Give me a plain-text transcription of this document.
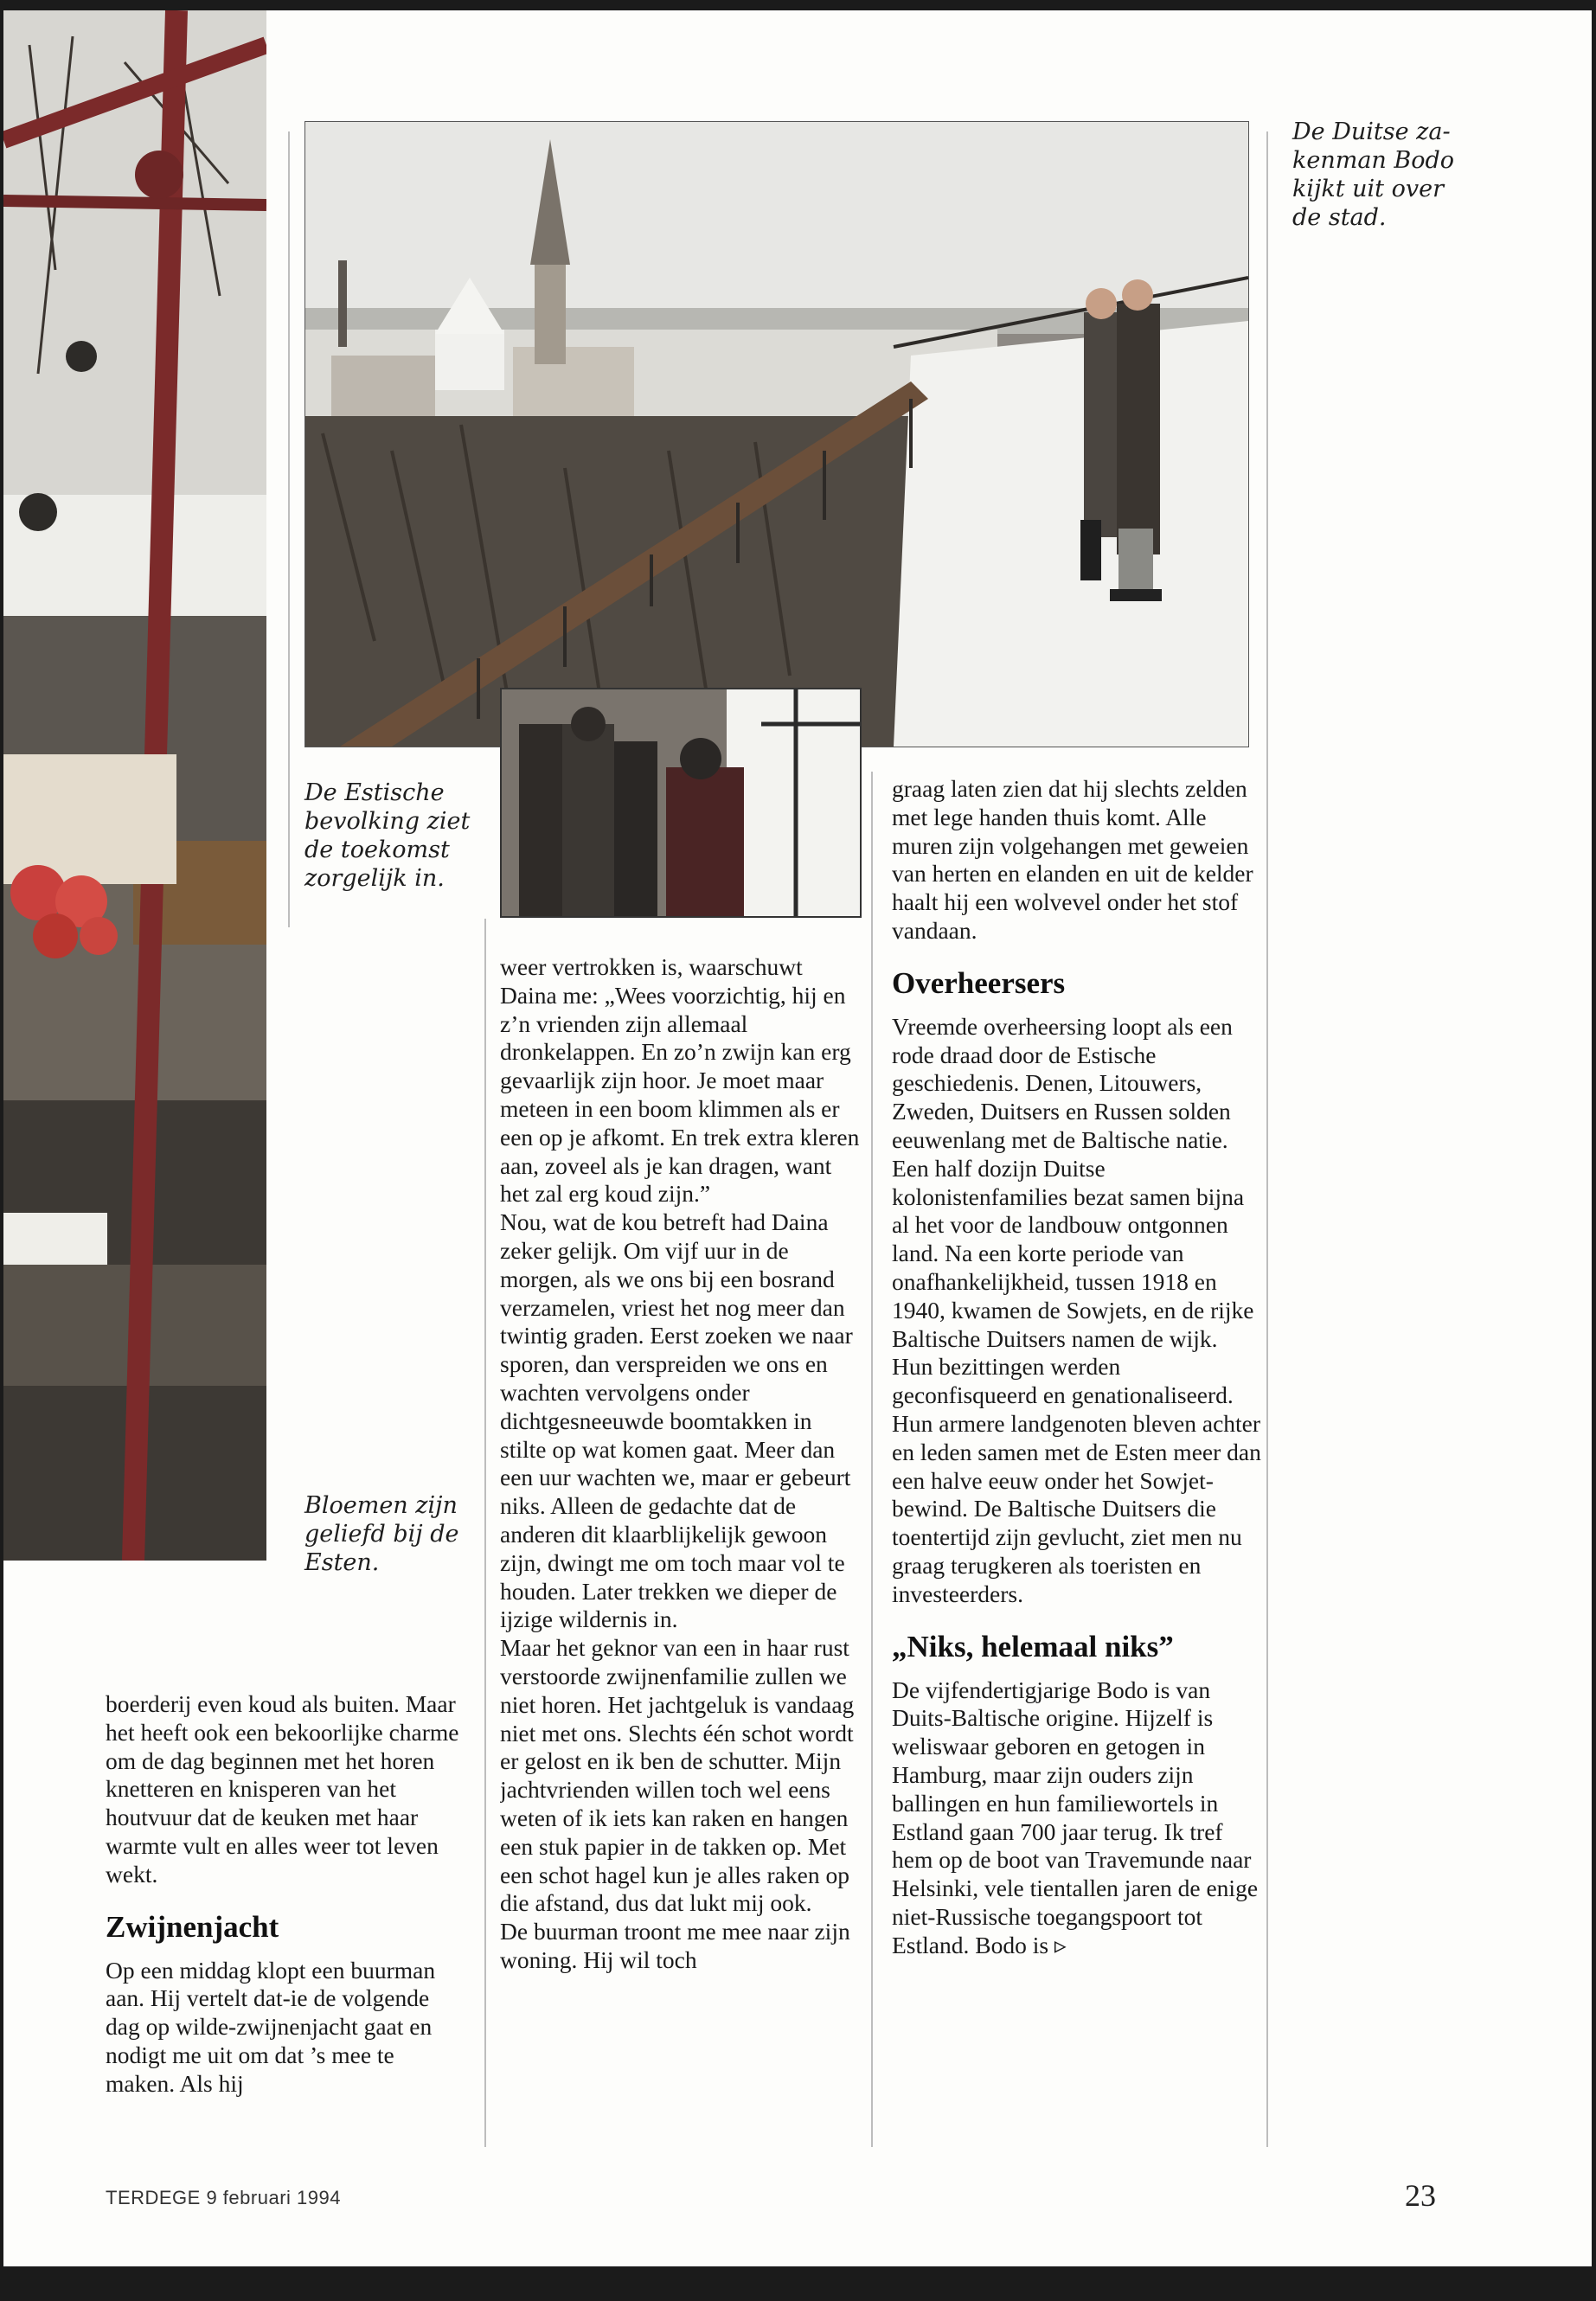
De Duitse za-
kenman Bodo
kijkt uit over
de stad.
De Estische
bevolking ziet
de toekomst
zorgelijk in.
Bloemen zijn
geliefd bij de
Esten.

boerderij even koud als buiten. Maar het heeft ook een bekoorlijke charme om de dag beginnen met het horen knetteren en knisperen van het houtvuur dat de keuken met haar warmte vult en alles weer tot leven wekt.

Zwijnenjacht

Op een middag klopt een buurman aan. Hij vertelt dat-ie de volgende dag op wilde-zwijnenjacht gaat en nodigt me uit om dat ’s mee te maken. Als hij

weer vertrokken is, waarschuwt Daina me: „Wees voorzichtig, hij en z’n vrienden zijn allemaal dronkelappen. En zo’n zwijn kan erg gevaarlijk zijn hoor. Je moet maar meteen in een boom klimmen als er een op je afkomt. En trek extra kleren aan, zoveel als je kan dragen, want het zal erg koud zijn.”

Nou, wat de kou betreft had Daina zeker gelijk. Om vijf uur in de morgen, als we ons bij een bosrand verzamelen, vriest het nog meer dan twintig graden. Eerst zoeken we naar sporen, dan verspreiden we ons en wachten vervolgens onder dichtgesneeuwde boomtakken in stilte op wat komen gaat. Meer dan een uur wachten we, maar er gebeurt niks. Alleen de gedachte dat de anderen dit klaarblijkelijk gewoon zijn, dwingt me om toch maar vol te houden. Later trekken we dieper de ijzige wildernis in.

Maar het geknor van een in haar rust verstoorde zwijnenfamilie zullen we niet horen. Het jachtgeluk is vandaag niet met ons. Slechts één schot wordt er gelost en ik ben de schutter. Mijn jachtvrienden willen toch wel eens weten of ik iets kan raken en hangen een stuk papier in de takken op. Met een schot hagel kun je alles raken op die afstand, dus dat lukt mij ook.

De buurman troont me mee naar zijn woning. Hij wil toch

graag laten zien dat hij slechts zelden met lege handen thuis komt. Alle muren zijn volgehangen met geweien van herten en elanden en uit de kelder haalt hij een wolvevel onder het stof vandaan.

Overheersers

Vreemde overheersing loopt als een rode draad door de Estische geschiedenis. Denen, Litouwers, Zweden, Duitsers en Russen solden eeuwenlang met de Baltische natie.

Een half dozijn Duitse kolonistenfamilies bezat samen bijna al het voor de landbouw ontgonnen land. Na een korte periode van onafhankelijkheid, tussen 1918 en 1940, kwamen de Sowjets, en de rijke Baltische Duitsers namen de wijk. Hun bezittingen werden geconfisqueerd en genationaliseerd. Hun armere landgenoten bleven achter en leden samen met de Esten meer dan een halve eeuw onder het Sowjet-bewind. De Baltische Duitsers die toentertijd zijn gevlucht, ziet men nu graag terugkeren als toeristen en investeerders.

„Niks, helemaal niks”

De vijfendertigjarige Bodo is van Duits-Baltische origine. Hijzelf is weliswaar geboren en getogen in Hamburg, maar zijn ouders zijn ballingen en hun familiewortels in Estland gaan 700 jaar terug. Ik tref hem op de boot van Travemunde naar Helsinki, vele tientallen jaren de enige niet-Russische toegangspoort tot Estland. Bodo is ▹

TERDEGE 9 februari 1994	23
